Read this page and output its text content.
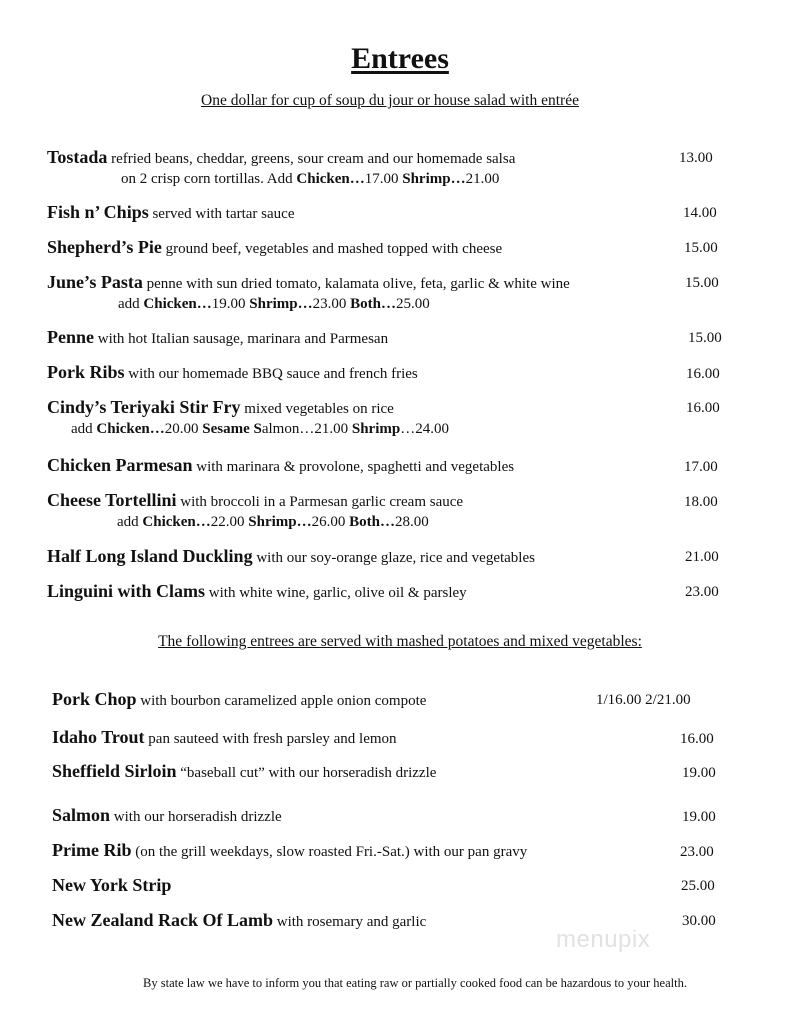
Entrees
One dollar for cup of soup du jour or house salad with entrée
Tostada refried beans, cheddar, greens, sour cream and our homemade salsa	13.00
on 2 crisp corn tortillas. Add Chicken…17.00 Shrimp…21.00
Fish n’ Chips served with tartar sauce	14.00
Shepherd’s Pie ground beef, vegetables and mashed topped with cheese	15.00
June’s Pasta penne with sun dried tomato, kalamata olive, feta, garlic & white wine	15.00
add Chicken…19.00 Shrimp…23.00 Both…25.00
Penne with hot Italian sausage, marinara and Parmesan	15.00
Pork Ribs with our homemade BBQ sauce and french fries	16.00
Cindy’s Teriyaki Stir Fry mixed vegetables on rice	16.00
add Chicken…20.00 Sesame Salmon…21.00 Shrimp…24.00
Chicken Parmesan with marinara & provolone, spaghetti and vegetables	17.00
Cheese Tortellini with broccoli in a Parmesan garlic cream sauce	18.00
add Chicken…22.00 Shrimp…26.00 Both…28.00
Half Long Island Duckling with our soy-orange glaze, rice and vegetables	21.00
Linguini with Clams with white wine, garlic, olive oil & parsley	23.00
The following entrees are served with mashed potatoes and mixed vegetables:
Pork Chop with bourbon caramelized apple onion compote	1/16.00 2/21.00
Idaho Trout pan sauteed with fresh parsley and lemon	16.00
Sheffield Sirloin “baseball cut” with our horseradish drizzle	19.00
Salmon with our horseradish drizzle	19.00
Prime Rib (on the grill weekdays, slow roasted Fri.-Sat.) with our pan gravy	23.00
New York Strip	25.00
New Zealand Rack Of Lamb with rosemary and garlic	30.00
menupix
By state law we have to inform you that eating raw or partially cooked food can be hazardous to your health.
